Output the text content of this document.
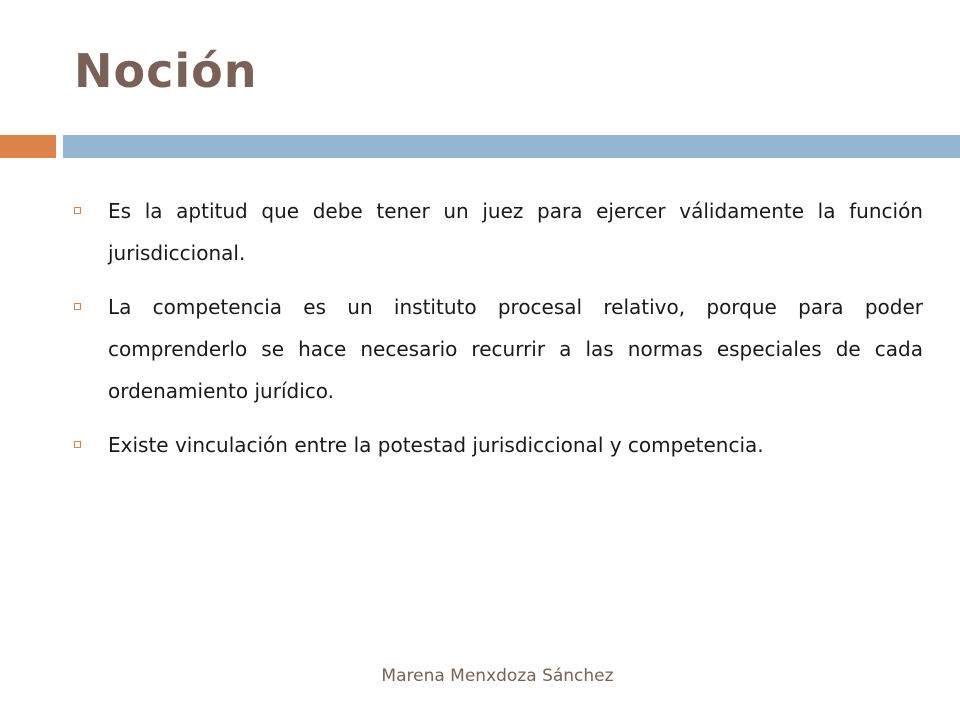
Noción
Es la aptitud que debe tener un juez para ejercer válidamente la función jurisdiccional.
La competencia es un instituto procesal relativo, porque para poder comprenderlo se hace necesario recurrir a las normas especiales de cada ordenamiento jurídico.
Existe vinculación entre la potestad jurisdiccional y competencia.
Marena Menxdoza Sánchez
